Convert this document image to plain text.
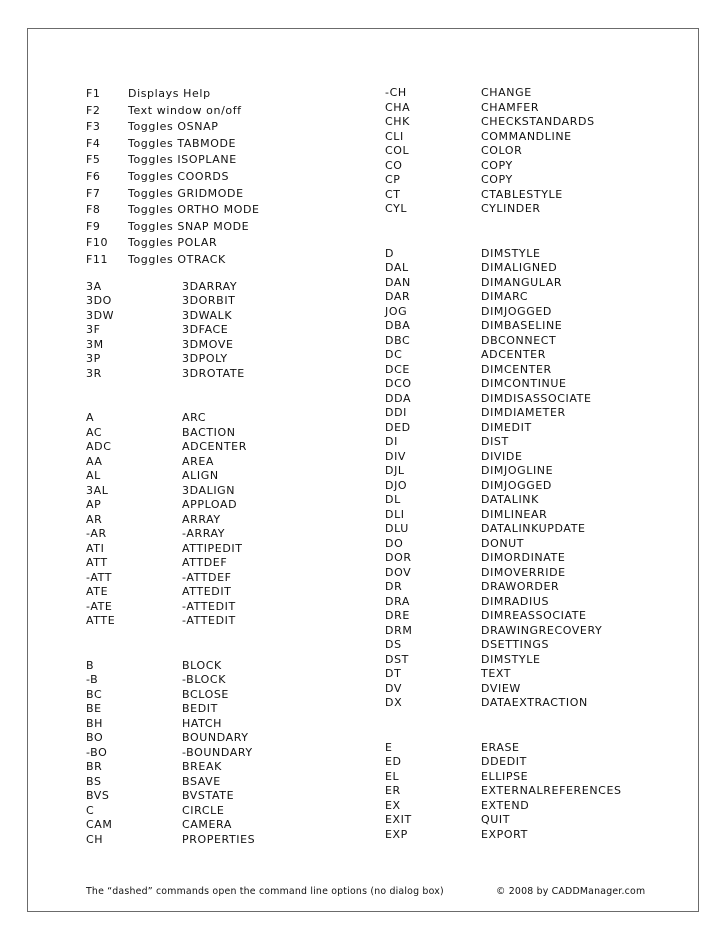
F1	Displays Help
F2	Text window on/off
F3	Toggles OSNAP
F4	Toggles TABMODE
F5	Toggles ISOPLANE
F6	Toggles COORDS
F7	Toggles GRIDMODE
F8	Toggles ORTHO MODE
F9	Toggles SNAP MODE
F10	Toggles POLAR
F11	Toggles OTRACK
3A	3DARRAY
3DO	3DORBIT
3DW	3DWALK
3F	3DFACE
3M	3DMOVE
3P	3DPOLY
3R	3DROTATE
A	ARC
AC	BACTION
ADC	ADCENTER
AA	AREA
AL	ALIGN
3AL	3DALIGN
AP	APPLOAD
AR	ARRAY
-AR	-ARRAY
ATI	ATTIPEDIT
ATT	ATTDEF
-ATT	-ATTDEF
ATE	ATTEDIT
-ATE	-ATTEDIT
ATTE	-ATTEDIT
B	BLOCK
-B	-BLOCK
BC	BCLOSE
BE	BEDIT
BH	HATCH
BO	BOUNDARY
-BO	-BOUNDARY
BR	BREAK
BS	BSAVE
BVS	BVSTATE
C	CIRCLE
CAM	CAMERA
CH	PROPERTIES
-CH	CHANGE
CHA	CHAMFER
CHK	CHECKSTANDARDS
CLI	COMMANDLINE
COL	COLOR
CO	COPY
CP	COPY
CT	CTABLESTYLE
CYL	CYLINDER
D	DIMSTYLE
DAL	DIMALIGNED
DAN	DIMANGULAR
DAR	DIMARC
JOG	DIMJOGGED
DBA	DIMBASELINE
DBC	DBCONNECT
DC	ADCENTER
DCE	DIMCENTER
DCO	DIMCONTINUE
DDA	DIMDISASSOCIATE
DDI	DIMDIAMETER
DED	DIMEDIT
DI	DIST
DIV	DIVIDE
DJL	DIMJOGLINE
DJO	DIMJOGGED
DL	DATALINK
DLI	DIMLINEAR
DLU	DATALINKUPDATE
DO	DONUT
DOR	DIMORDINATE
DOV	DIMOVERRIDE
DR	DRAWORDER
DRA	DIMRADIUS
DRE	DIMREASSOCIATE
DRM	DRAWINGRECOVERY
DS	DSETTINGS
DST	DIMSTYLE
DT	TEXT
DV	DVIEW
DX	DATAEXTRACTION
E	ERASE
ED	DDEDIT
EL	ELLIPSE
ER	EXTERNALREFERENCES
EX	EXTEND
EXIT	QUIT
EXP	EXPORT
The “dashed” commands open the command line options (no dialog box)	© 2008 by CADDManager.com
